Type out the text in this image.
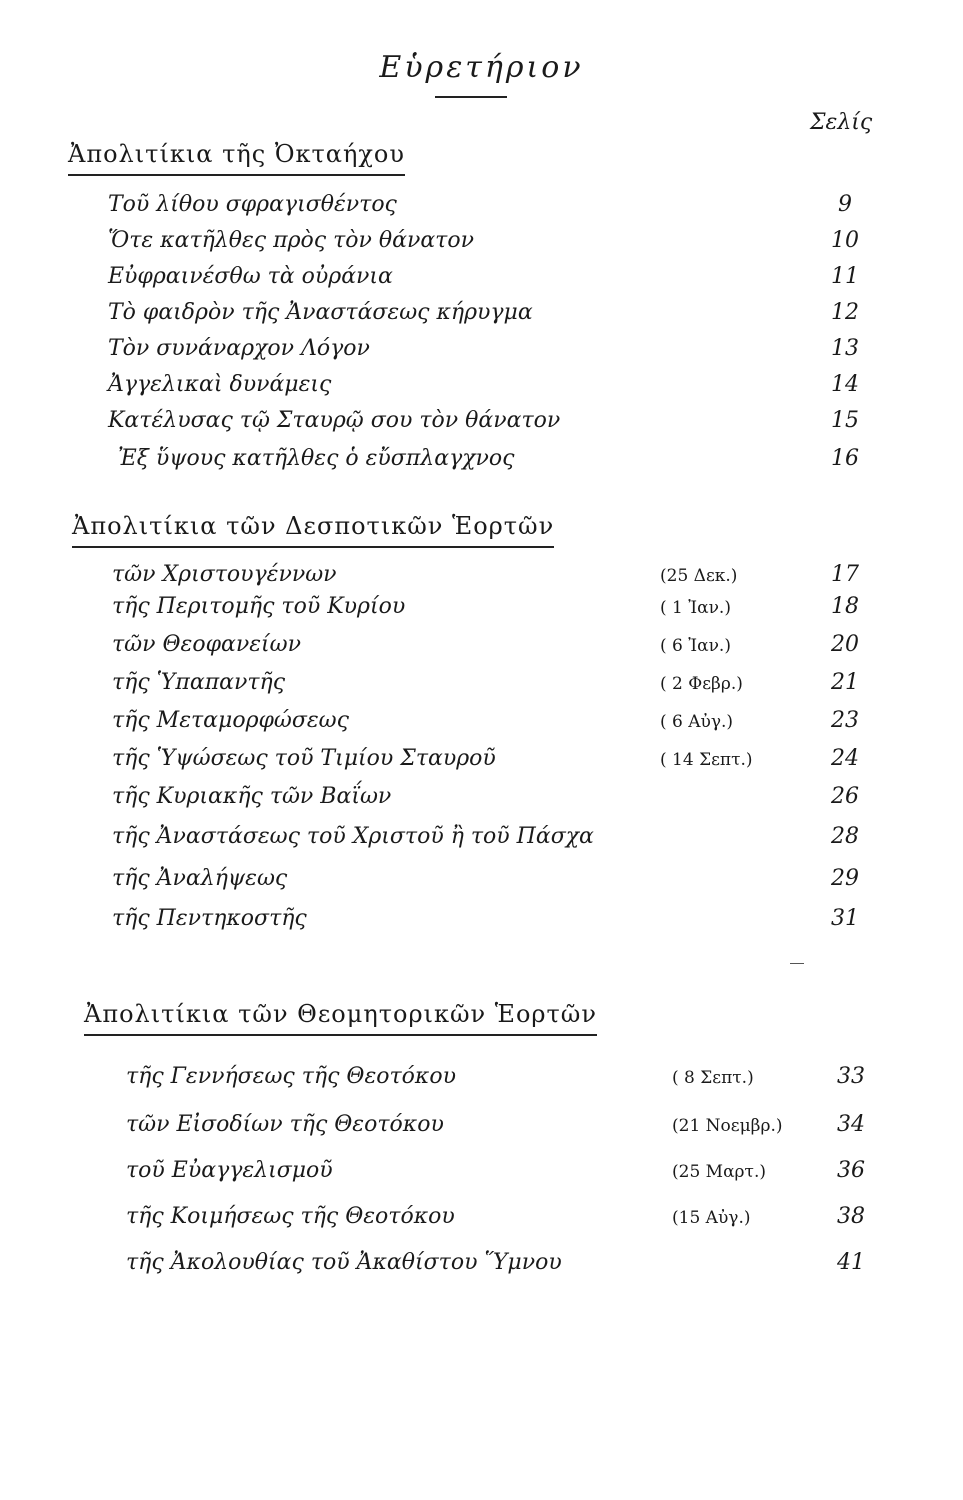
Εὑρετήριον
Σελίς
Ἀπολιτίκια τῆς Ὀκταήχου
Τοῦ λίθου σφραγισθέντος	9
Ὅτε κατῆλθες πρὸς τὸν θάνατον	10
Εὐφραινέσθω τὰ οὐράνια	11
Τὸ φαιδρὸν τῆς Ἀναστάσεως κήρυγμα	12
Τὸν συνάναρχον Λόγον	13
Ἀγγελικαὶ δυνάμεις	14
Κατέλυσας τῷ Σταυρῷ σου τὸν θάνατον	15
Ἐξ ὕψους κατῆλθες ὁ εὔσπλαγχνος	16
Ἀπολιτίκια τῶν Δεσποτικῶν Ἑορτῶν
τῶν Χριστουγέννων	(25 Δεκ.)	17
τῆς Περιτομῆς τοῦ Κυρίου	( 1 Ἰαν.)	18
τῶν Θεοφανείων	( 6 Ἰαν.)	20
τῆς Ὑπαπαντῆς	( 2 Φεβρ.)	21
τῆς Μεταμορφώσεως	( 6 Αὐγ.)	23
τῆς Ὑψώσεως τοῦ Τιμίου Σταυροῦ	( 14 Σεπτ.)	24
τῆς Κυριακῆς τῶν Βαΐων	26
τῆς Ἀναστάσεως τοῦ Χριστοῦ ἢ τοῦ Πάσχα	28
τῆς Ἀναλήψεως	29
τῆς Πεντηκοστῆς	31
Ἀπολιτίκια τῶν Θεομητορικῶν Ἑορτῶν
τῆς Γεννήσεως τῆς Θεοτόκου	( 8 Σεπτ.)	33
τῶν Εἰσοδίων τῆς Θεοτόκου	(21 Νοεμβρ.)	34
τοῦ Εὐαγγελισμοῦ	(25 Μαρτ.)	36
τῆς Κοιμήσεως τῆς Θεοτόκου	(15 Αὐγ.)	38
τῆς Ἀκολουθίας τοῦ Ἀκαθίστου Ὕμνου	41
